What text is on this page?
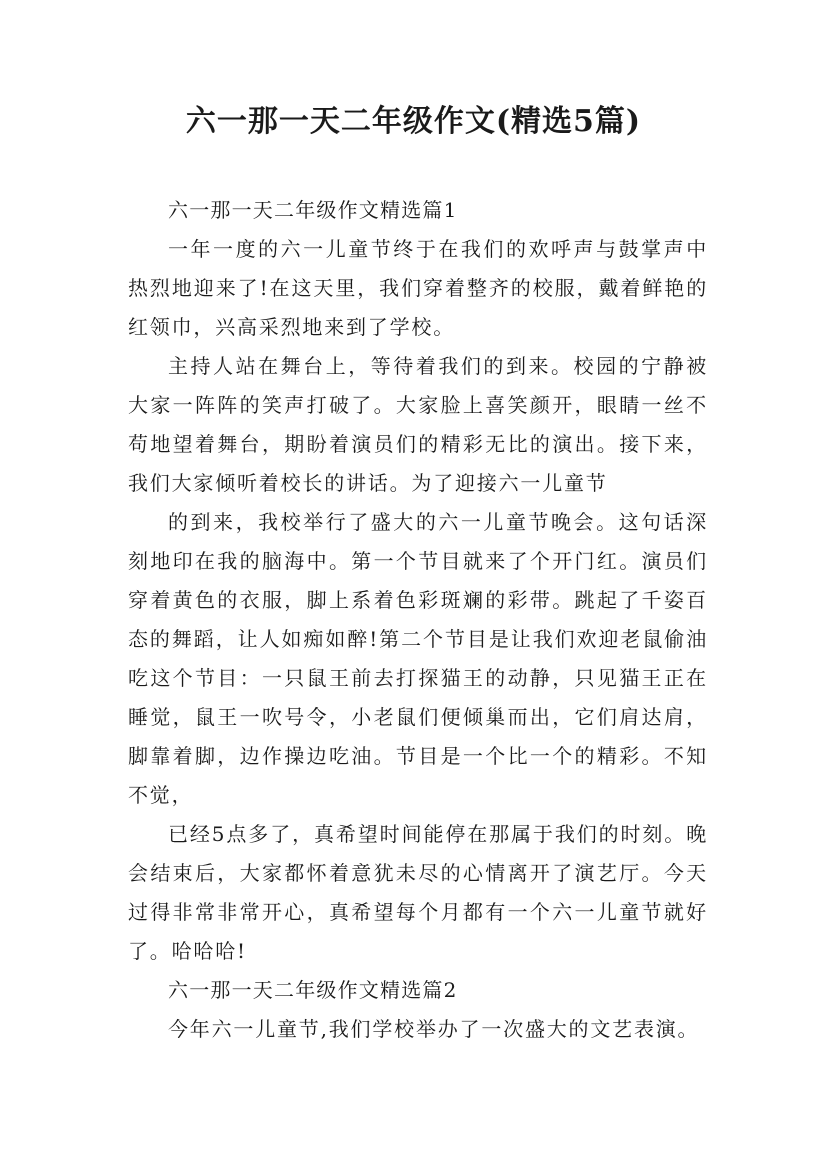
六一那一天二年级作文(精选5篇)

六一那一天二年级作文精选篇1

一年一度的六一儿童节终于在我们的欢呼声与鼓掌声中热烈地迎来了!在这天里，我们穿着整齐的校服，戴着鲜艳的红领巾，兴高采烈地来到了学校。

主持人站在舞台上，等待着我们的到来。校园的宁静被大家一阵阵的笑声打破了。大家脸上喜笑颜开，眼睛一丝不苟地望着舞台，期盼着演员们的精彩无比的演出。接下来，我们大家倾听着校长的讲话。为了迎接六一儿童节

的到来，我校举行了盛大的六一儿童节晚会。这句话深刻地印在我的脑海中。第一个节目就来了个开门红。演员们穿着黄色的衣服，脚上系着色彩斑斓的彩带。跳起了千姿百态的舞蹈，让人如痴如醉!第二个节目是让我们欢迎老鼠偷油吃这个节目：一只鼠王前去打探猫王的动静，只见猫王正在睡觉，鼠王一吹号令，小老鼠们便倾巢而出，它们肩达肩，脚靠着脚，边作操边吃油。节目是一个比一个的精彩。不知不觉，

已经5点多了，真希望时间能停在那属于我们的时刻。晚会结束后，大家都怀着意犹未尽的心情离开了演艺厅。今天过得非常非常开心，真希望每个月都有一个六一儿童节就好了。哈哈哈!

六一那一天二年级作文精选篇2

今年六一儿童节,我们学校举办了一次盛大的文艺表演。
